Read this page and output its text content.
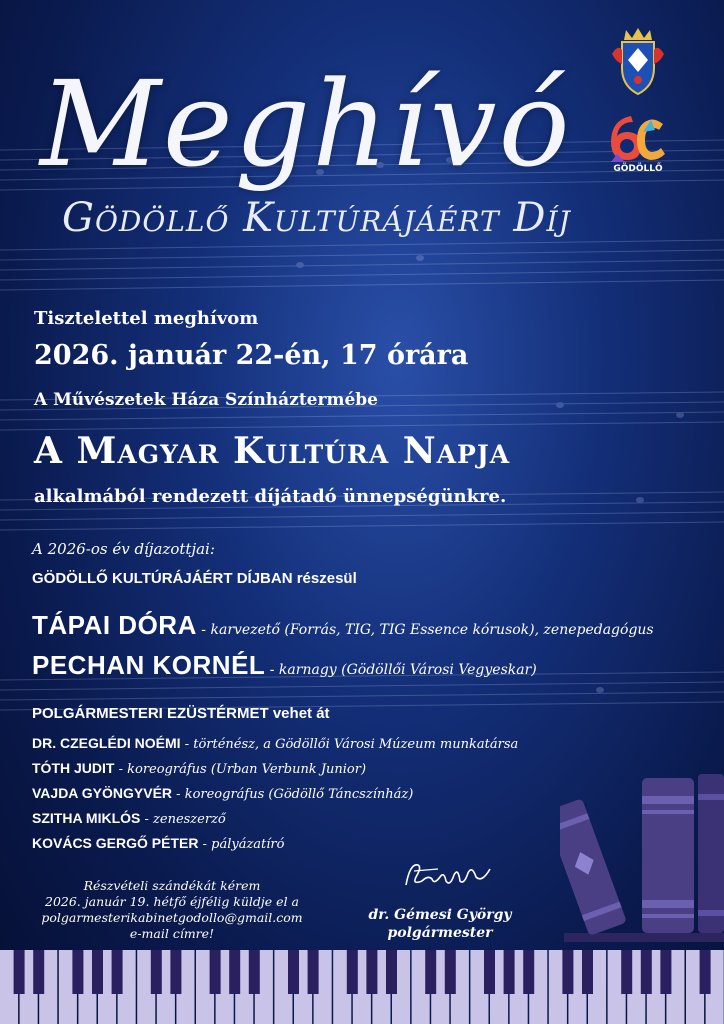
Meghívó
Gödöllő Kultúrájáért Díj
GÖDÖLLŐ
Tisztelettel meghívom
2026. január 22-én, 17 órára
A Művészetek Háza Színháztermébe
A Magyar Kultúra Napja
alkalmából rendezett díjátadó ünnepségünkre.
A 2026-os év díjazottjai:
GÖDÖLLŐ KULTÚRÁJÁÉRT DÍJBAN részesül
TÁPAI DÓRA - karvezető (Forrás, TIG, TIG Essence kórusok), zenepedagógus
PECHAN KORNÉL - karnagy (Gödöllői Városi Vegyeskar)
POLGÁRMESTERI EZÜSTÉRMET vehet át
DR. CZEGLÉDI NOÉMI - történész, a Gödöllői Városi Múzeum munkatársa
TÓTH JUDIT - koreográfus (Urban Verbunk Junior)
VAJDA GYÖNGYVÉR - koreográfus (Gödöllő Táncszínház)
SZITHA MIKLÓS - zeneszerző
KOVÁCS GERGŐ PÉTER - pályázatíró
Részvételi szándékát kérem
2026. január 19. hétfő éjfélig küldje el a
polgarmesterikabinetgodollo@gmail.com
e-mail címre!
dr. Gémesi György
polgármester
